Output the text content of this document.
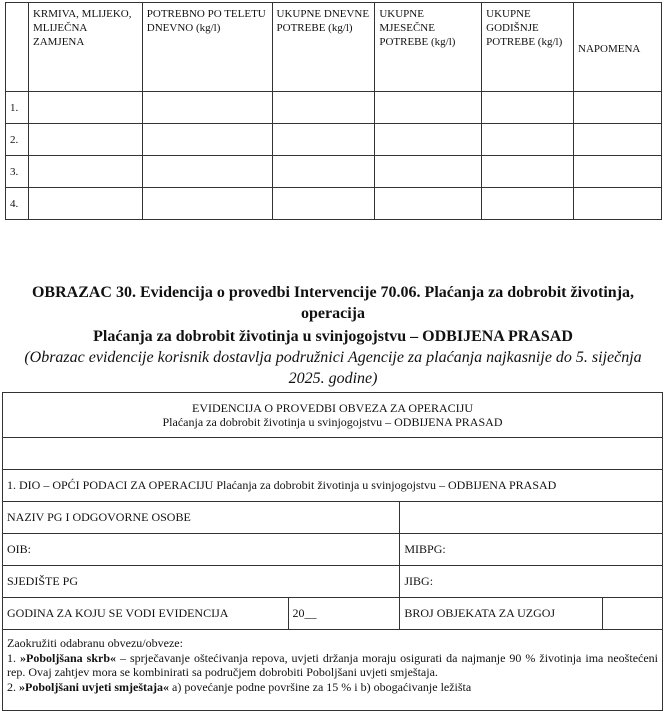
	KRMIVA, MLIJEKO, MLIJEČNA ZAMJENA	POTREBNO PO TELETU DNEVNO (kg/l)	UKUPNE DNEVNE POTREBE (kg/l)	UKUPNE MJESEČNE POTREBE (kg/l)	UKUPNE GODIŠNJE POTREBE (kg/l)	NAPOMENA
1.						
2.						
3.						
4.						
OBRAZAC 30. Evidencija o provedbi Intervencije 70.06. Plaćanja za dobrobit životinja,
operacija
Plaćanja za dobrobit životinja u svinjogojstvu – ODBIJENA PRASAD
(Obrazac evidencije korisnik dostavlja podružnici Agencije za plaćanja najkasnije do 5. siječnja
2025. godine)
EVIDENCIJA O PROVEDBI OBVEZA ZA OPERACIJU
Plaćanja za dobrobit životinja u svinjogojstvu – ODBIJENA PRASAD			

1. DIO – OPĆI PODACI ZA OPERACIJU Plaćanja za dobrobit životinja u svinjogojstvu – ODBIJENA PRASAD			
NAZIV PG I ODGOVORNE OSOBE			
OIB:		MIBPG:	
SJEDIŠTE PG		JIBG:	
GODINA ZA KOJU SE VODI EVIDENCIJA	20__	BROJ OBJEKATA ZA UZGOJ	

Zaokružiti odabranu obvezu/obveze:
1. »Poboljšana skrb« – sprječavanje oštećivanja repova, uvjeti držanja moraju osigurati da najmanje 90 % životinja ima neoštećeni rep. Ovaj zahtjev mora se kombinirati sa područjem dobrobiti Poboljšani uvjeti smještaja.
2. »Poboljšani uvjeti smještaja« a) povećanje podne površine za 15 % i b) obogaćivanje ležišta			
